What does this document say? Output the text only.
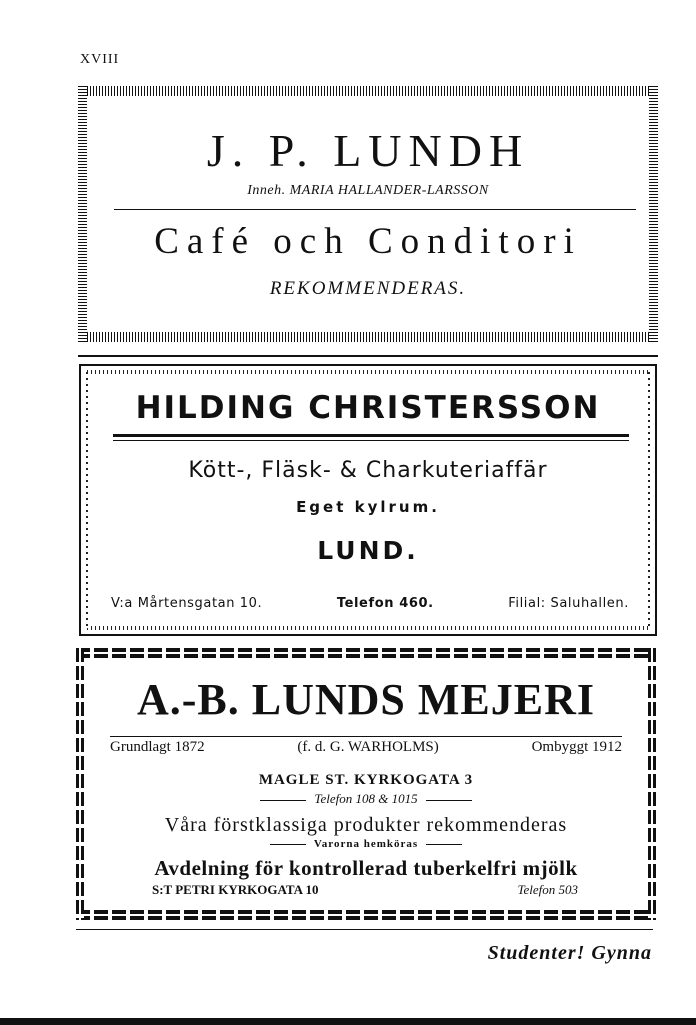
XVIII
J. P. LUNDH
Inneh. MARIA HALLANDER-LARSSON
Café och Conditori
REKOMMENDERAS.
HILDING CHRISTERSSON
Kött-, Fläsk- & Charkuteriaffär
Eget kylrum.
LUND.
V:a Mårtensgatan 10.	Telefon 460.	Filial: Saluhallen.
A.-B. LUNDS MEJERI
Grundlagt 1872	(f. d. G. WARHOLMS)	Ombyggt 1912
MAGLE ST. KYRKOGATA 3
Telefon 108 & 1015
Våra förstklassiga produkter rekommenderas
Varorna hemköras
Avdelning för kontrollerad tuberkelfri mjölk
S:T PETRI KYRKOGATA 10	Telefon 503
Studenter! Gynna
